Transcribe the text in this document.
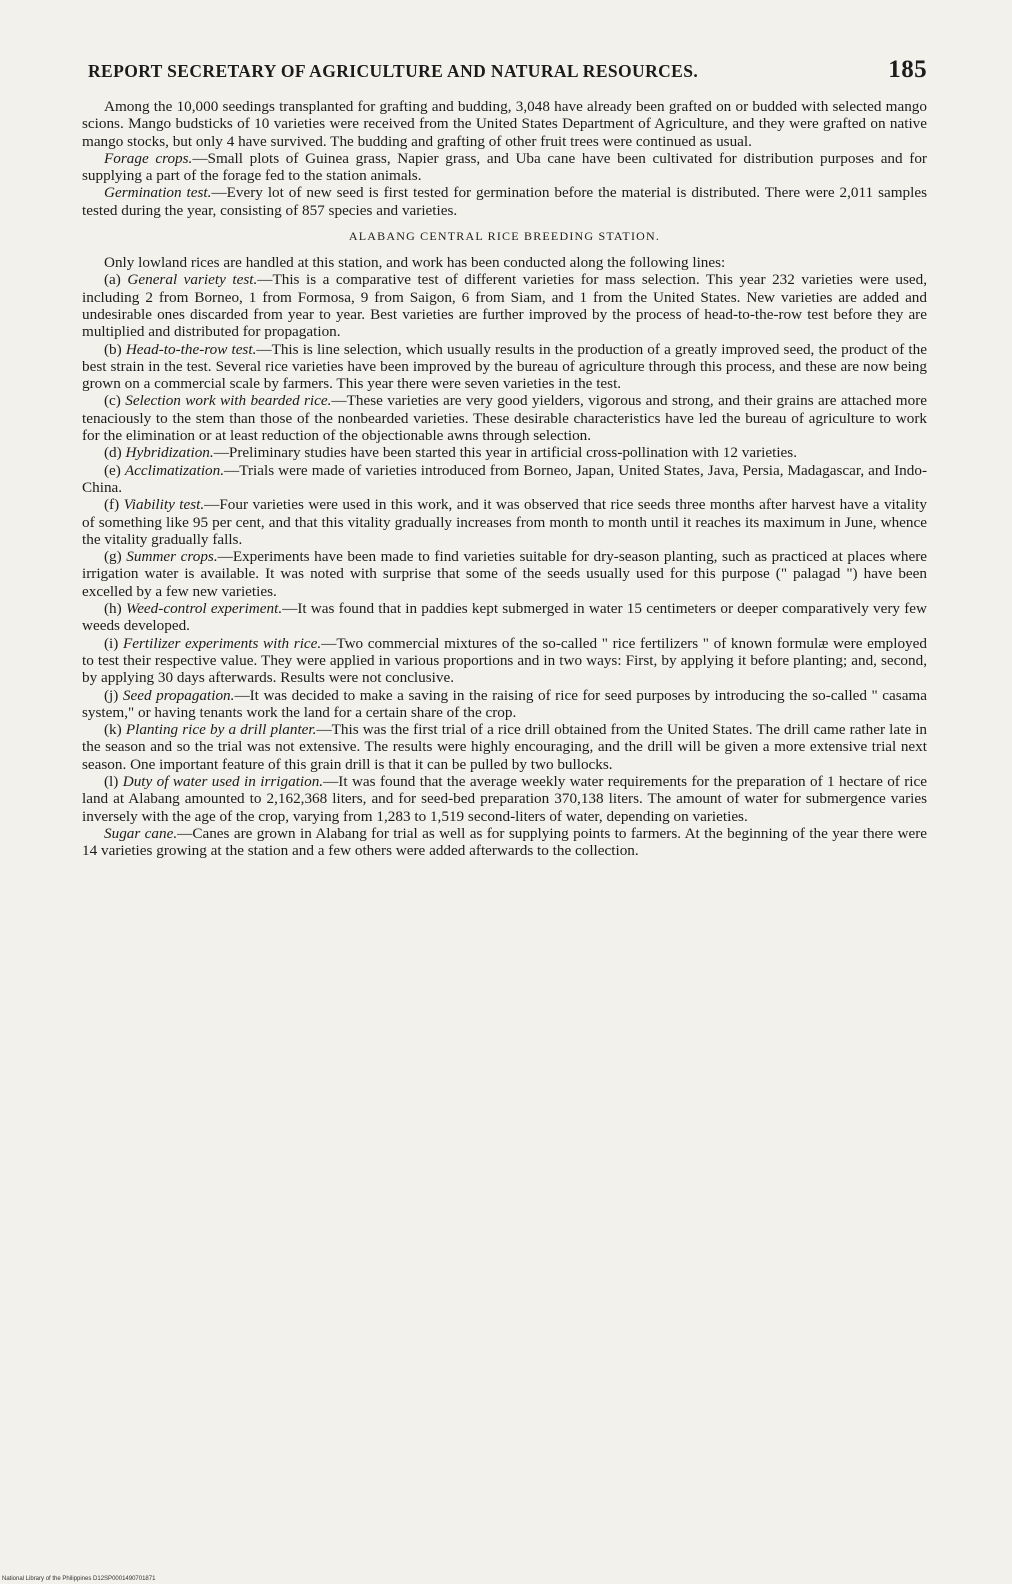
REPORT SECRETARY OF AGRICULTURE AND NATURAL RESOURCES.	185

Among the 10,000 seedings transplanted for grafting and budding, 3,048 have already been grafted on or budded with selected mango scions. Mango budsticks of 10 varieties were received from the United States Department of Agriculture, and they were grafted on native mango stocks, but only 4 have survived. The budding and grafting of other fruit trees were continued as usual.

Forage crops.—Small plots of Guinea grass, Napier grass, and Uba cane have been cultivated for distribution purposes and for supplying a part of the forage fed to the station animals.

Germination test.—Every lot of new seed is first tested for germination before the material is distributed. There were 2,011 samples tested during the year, consisting of 857 species and varieties.

ALABANG CENTRAL RICE BREEDING STATION.

Only lowland rices are handled at this station, and work has been conducted along the following lines:

(a) General variety test.—This is a comparative test of different varieties for mass selection. This year 232 varieties were used, including 2 from Borneo, 1 from Formosa, 9 from Saigon, 6 from Siam, and 1 from the United States. New varieties are added and undesirable ones discarded from year to year. Best varieties are further improved by the process of head-to-the-row test before they are multiplied and distributed for propagation.

(b) Head-to-the-row test.—This is line selection, which usually results in the production of a greatly improved seed, the product of the best strain in the test. Several rice varieties have been improved by the bureau of agriculture through this process, and these are now being grown on a commercial scale by farmers. This year there were seven varieties in the test.

(c) Selection work with bearded rice.—These varieties are very good yielders, vigorous and strong, and their grains are attached more tenaciously to the stem than those of the nonbearded varieties. These desirable characteristics have led the bureau of agriculture to work for the elimination or at least reduction of the objectionable awns through selection.

(d) Hybridization.—Preliminary studies have been started this year in artificial cross-pollination with 12 varieties.

(e) Acclimatization.—Trials were made of varieties introduced from Borneo, Japan, United States, Java, Persia, Madagascar, and Indo-China.

(f) Viability test.—Four varieties were used in this work, and it was observed that rice seeds three months after harvest have a vitality of something like 95 per cent, and that this vitality gradually increases from month to month until it reaches its maximum in June, whence the vitality gradually falls.

(g) Summer crops.—Experiments have been made to find varieties suitable for dry-season planting, such as practiced at places where irrigation water is available. It was noted with surprise that some of the seeds usually used for this purpose (" palagad ") have been excelled by a few new varieties.

(h) Weed-control experiment.—It was found that in paddies kept submerged in water 15 centimeters or deeper comparatively very few weeds developed.

(i) Fertilizer experiments with rice.—Two commercial mixtures of the so-called " rice fertilizers " of known formulæ were employed to test their respective value. They were applied in various proportions and in two ways: First, by applying it before planting; and, second, by applying 30 days afterwards. Results were not conclusive.

(j) Seed propagation.—It was decided to make a saving in the raising of rice for seed purposes by introducing the so-called " casama system," or having tenants work the land for a certain share of the crop.

(k) Planting rice by a drill planter.—This was the first trial of a rice drill obtained from the United States. The drill came rather late in the season and so the trial was not extensive. The results were highly encouraging, and the drill will be given a more extensive trial next season. One important feature of this grain drill is that it can be pulled by two bullocks.

(l) Duty of water used in irrigation.—It was found that the average weekly water requirements for the preparation of 1 hectare of rice land at Alabang amounted to 2,162,368 liters, and for seed-bed preparation 370,138 liters. The amount of water for submergence varies inversely with the age of the crop, varying from 1,283 to 1,519 second-liters of water, depending on varieties.

Sugar cane.—Canes are grown in Alabang for trial as well as for supplying points to farmers. At the beginning of the year there were 14 varieties growing at the station and a few others were added afterwards to the collection.

National Library of the Philippines D12SP0001490701871
